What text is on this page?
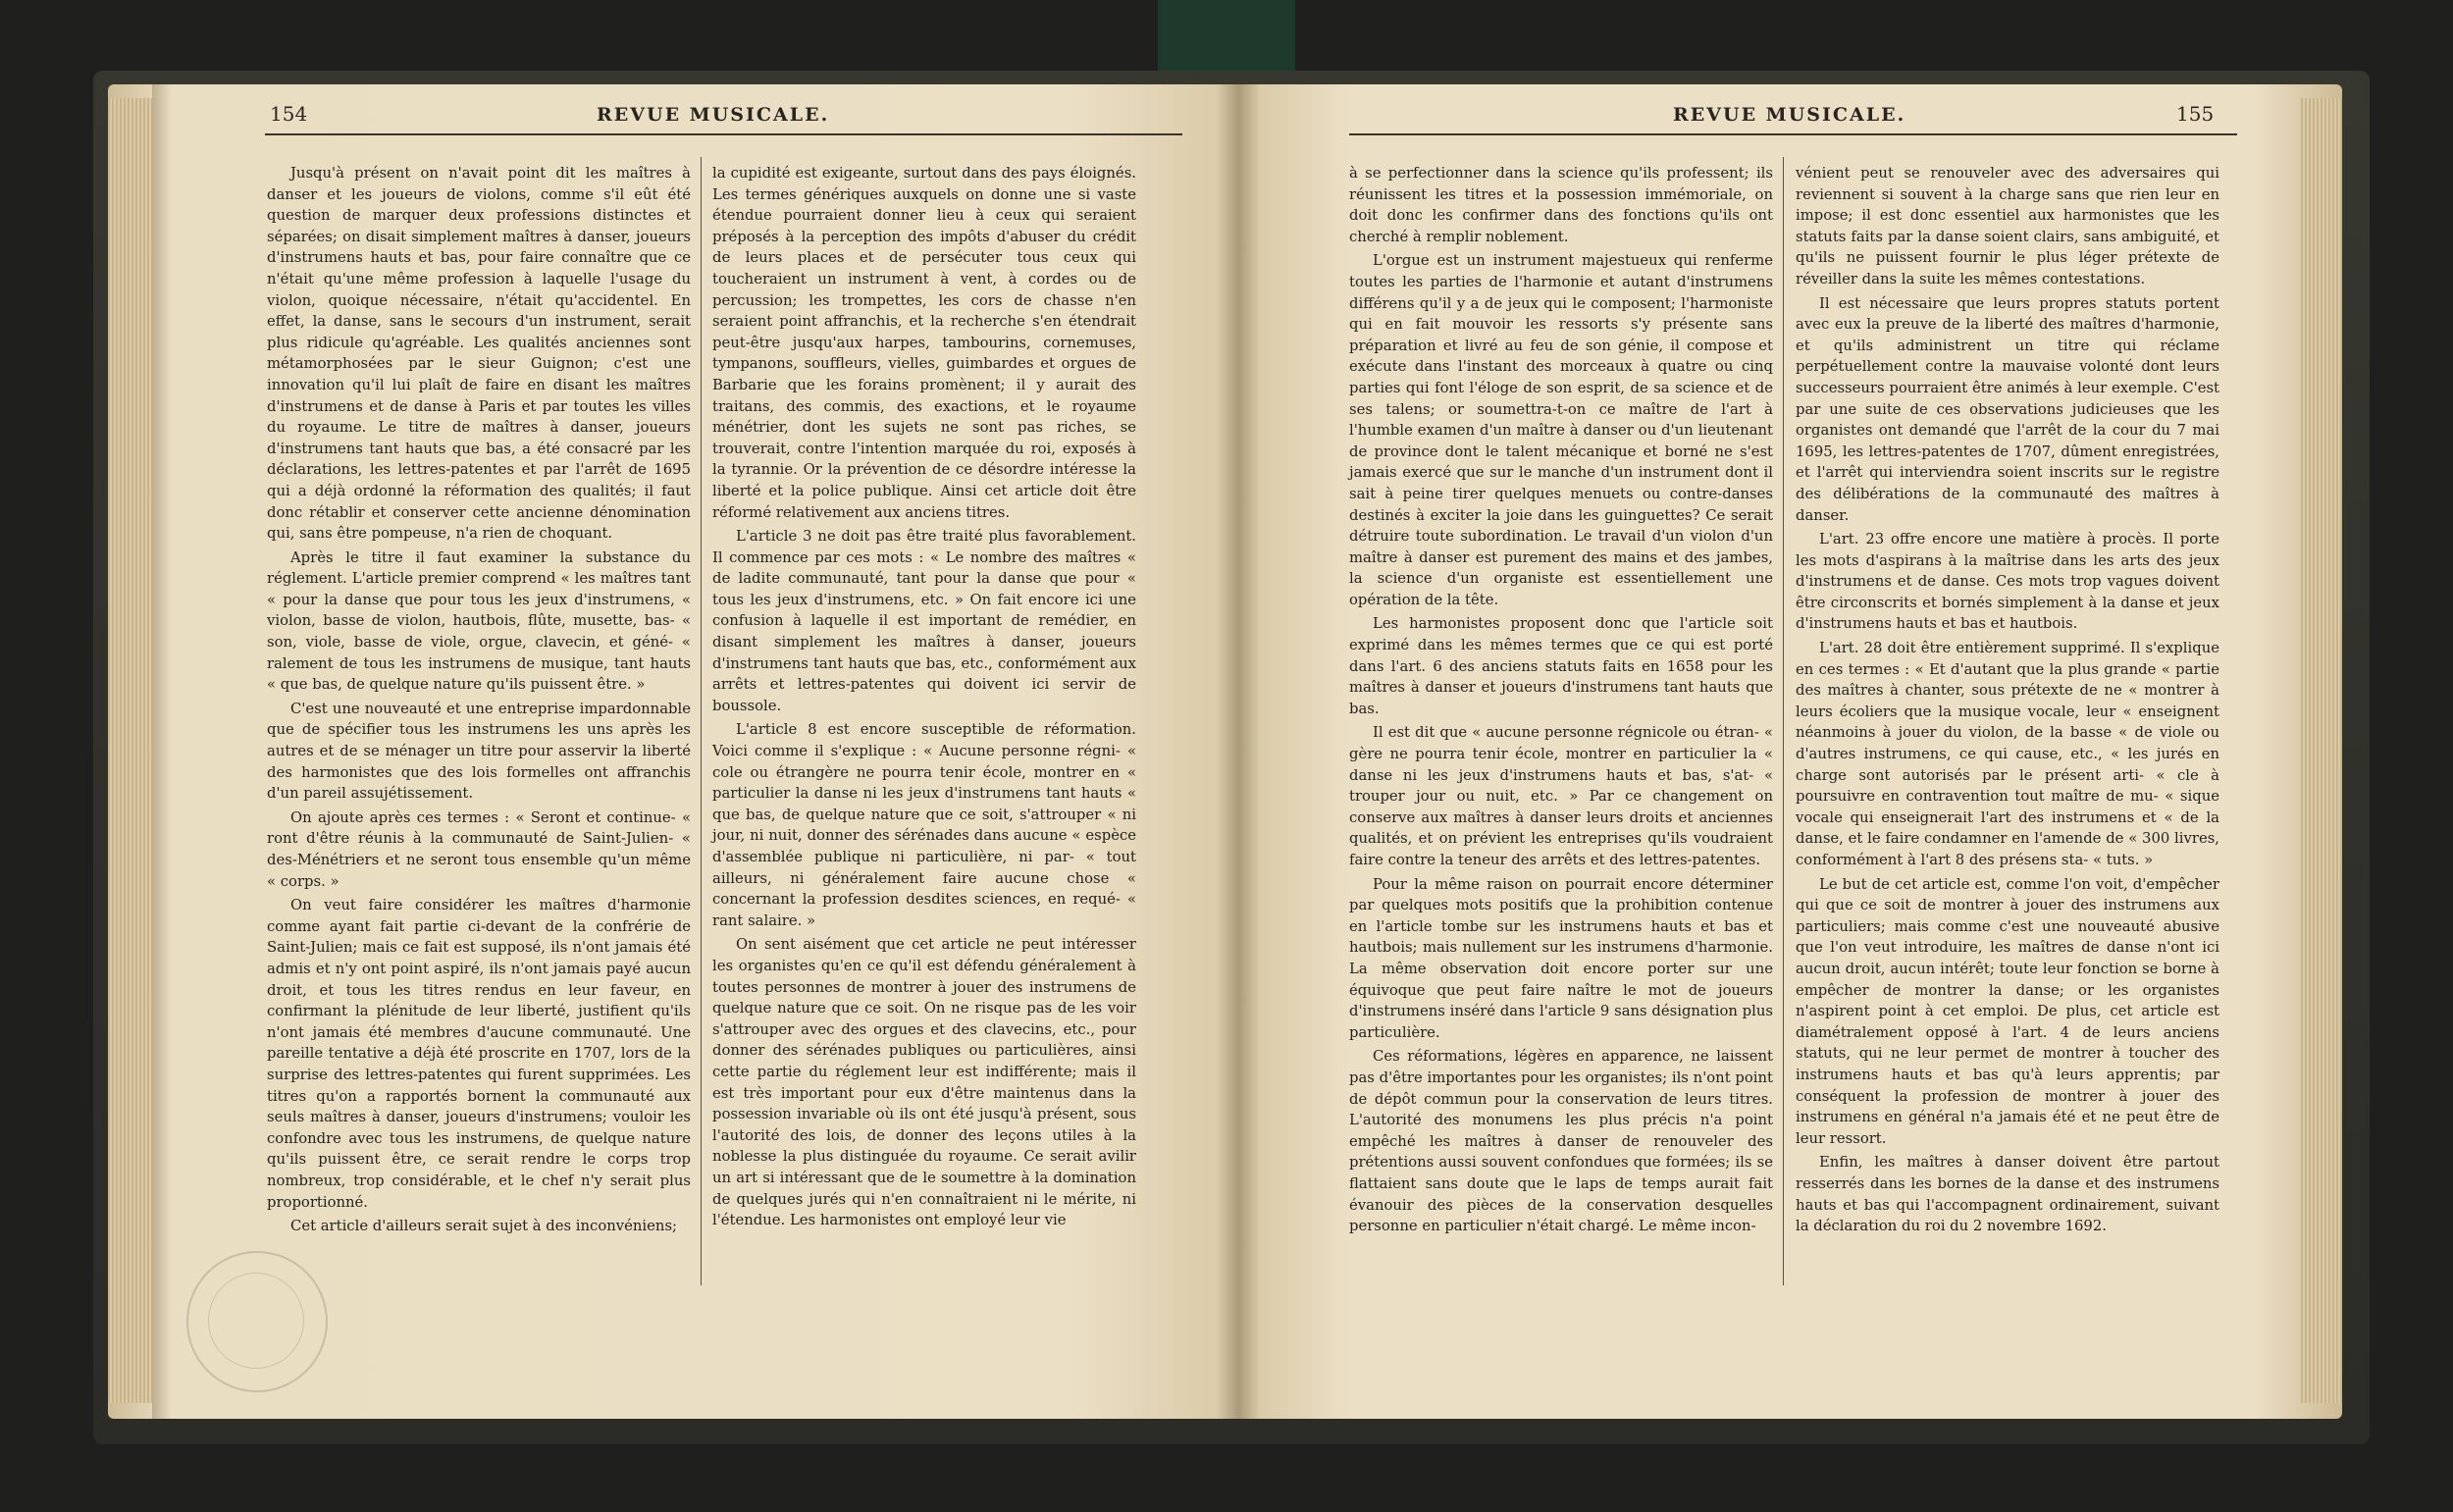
154	REVUE MUSICALE.	REVUE MUSICALE.	155

Jusqu'à présent on n'avait point dit les maîtres à danser et les joueurs de violons, comme s'il eût été question de marquer deux professions distinctes et séparées; on disait simplement maîtres à danser, joueurs d'instrumens hauts et bas, pour faire connaître que ce n'était qu'une même profession à laquelle l'usage du violon, quoique nécessaire, n'était qu'accidentel. En effet, la danse, sans le secours d'un instrument, serait plus ridicule qu'agréable. Les qualités anciennes sont métamorphosées par le sieur Guignon; c'est une innovation qu'il lui plaît de faire en disant les maîtres d'instrumens et de danse à Paris et par toutes les villes du royaume. Le titre de maîtres à danser, joueurs d'instrumens tant hauts que bas, a été consacré par les déclarations, les lettres-patentes et par l'arrêt de 1695 qui a déjà ordonné la réformation des qualités; il faut donc rétablir et conserver cette ancienne dénomination qui, sans être pompeuse, n'a rien de choquant.

Après le titre il faut examiner la substance du réglement. L'article premier comprend « les maîtres tant « pour la danse que pour tous les jeux d'instrumens, « violon, basse de violon, hautbois, flûte, musette, bas- « son, viole, basse de viole, orgue, clavecin, et géné- « ralement de tous les instrumens de musique, tant hauts « que bas, de quelque nature qu'ils puissent être. »

C'est une nouveauté et une entreprise impardonnable que de spécifier tous les instrumens les uns après les autres et de se ménager un titre pour asservir la liberté des harmonistes que des lois formelles ont affranchis d'un pareil assujétissement.

On ajoute après ces termes : « Seront et continue- « ront d'être réunis à la communauté de Saint-Julien- « des-Ménétriers et ne seront tous ensemble qu'un même « corps. »

On veut faire considérer les maîtres d'harmonie comme ayant fait partie ci-devant de la confrérie de Saint-Julien; mais ce fait est supposé, ils n'ont jamais été admis et n'y ont point aspiré, ils n'ont jamais payé aucun droit, et tous les titres rendus en leur faveur, en confirmant la plénitude de leur liberté, justifient qu'ils n'ont jamais été membres d'aucune communauté. Une pareille tentative a déjà été proscrite en 1707, lors de la surprise des lettres-patentes qui furent supprimées. Les titres qu'on a rapportés bornent la communauté aux seuls maîtres à danser, joueurs d'instrumens; vouloir les confondre avec tous les instrumens, de quelque nature qu'ils puissent être, ce serait rendre le corps trop nombreux, trop considérable, et le chef n'y serait plus proportionné.

Cet article d'ailleurs serait sujet à des inconvéniens;

la cupidité est exigeante, surtout dans des pays éloignés. Les termes génériques auxquels on donne une si vaste étendue pourraient donner lieu à ceux qui seraient préposés à la perception des impôts d'abuser du crédit de leurs places et de persécuter tous ceux qui toucheraient un instrument à vent, à cordes ou de percussion; les trompettes, les cors de chasse n'en seraient point affranchis, et la recherche s'en étendrait peut-être jusqu'aux harpes, tambourins, cornemuses, tympanons, souffleurs, vielles, guimbardes et orgues de Barbarie que les forains promènent; il y aurait des traitans, des commis, des exactions, et le royaume ménétrier, dont les sujets ne sont pas riches, se trouverait, contre l'intention marquée du roi, exposés à la tyrannie. Or la prévention de ce désordre intéresse la liberté et la police publique. Ainsi cet article doit être réformé relativement aux anciens titres.

L'article 3 ne doit pas être traité plus favorablement. Il commence par ces mots : « Le nombre des maîtres « de ladite communauté, tant pour la danse que pour « tous les jeux d'instrumens, etc. » On fait encore ici une confusion à laquelle il est important de remédier, en disant simplement les maîtres à danser, joueurs d'instrumens tant hauts que bas, etc., conformément aux arrêts et lettres-patentes qui doivent ici servir de boussole.

L'article 8 est encore susceptible de réformation. Voici comme il s'explique : « Aucune personne régni- « cole ou étrangère ne pourra tenir école, montrer en « particulier la danse ni les jeux d'instrumens tant hauts « que bas, de quelque nature que ce soit, s'attrouper « ni jour, ni nuit, donner des sérénades dans aucune « espèce d'assemblée publique ni particulière, ni par- « tout ailleurs, ni généralement faire aucune chose « concernant la profession desdites sciences, en requé- « rant salaire. »

On sent aisément que cet article ne peut intéresser les organistes qu'en ce qu'il est défendu généralement à toutes personnes de montrer à jouer des instrumens de quelque nature que ce soit. On ne risque pas de les voir s'attrouper avec des orgues et des clavecins, etc., pour donner des sérénades publiques ou particulières, ainsi cette partie du réglement leur est indifférente; mais il est très important pour eux d'être maintenus dans la possession invariable où ils ont été jusqu'à présent, sous l'autorité des lois, de donner des leçons utiles à la noblesse la plus distinguée du royaume. Ce serait avilir un art si intéressant que de le soumettre à la domination de quelques jurés qui n'en connaîtraient ni le mérite, ni l'étendue. Les harmonistes ont employé leur vie

à se perfectionner dans la science qu'ils professent; ils réunissent les titres et la possession immémoriale, on doit donc les confirmer dans des fonctions qu'ils ont cherché à remplir noblement.

L'orgue est un instrument majestueux qui renferme toutes les parties de l'harmonie et autant d'instrumens différens qu'il y a de jeux qui le composent; l'harmoniste qui en fait mouvoir les ressorts s'y présente sans préparation et livré au feu de son génie, il compose et exécute dans l'instant des morceaux à quatre ou cinq parties qui font l'éloge de son esprit, de sa science et de ses talens; or soumettra-t-on ce maître de l'art à l'humble examen d'un maître à danser ou d'un lieutenant de province dont le talent mécanique et borné ne s'est jamais exercé que sur le manche d'un instrument dont il sait à peine tirer quelques menuets ou contre-danses destinés à exciter la joie dans les guinguettes? Ce serait détruire toute subordination. Le travail d'un violon d'un maître à danser est purement des mains et des jambes, la science d'un organiste est essentiellement une opération de la tête.

Les harmonistes proposent donc que l'article soit exprimé dans les mêmes termes que ce qui est porté dans l'art. 6 des anciens statuts faits en 1658 pour les maîtres à danser et joueurs d'instrumens tant hauts que bas.

Il est dit que « aucune personne régnicole ou étran- « gère ne pourra tenir école, montrer en particulier la « danse ni les jeux d'instrumens hauts et bas, s'at- « trouper jour ou nuit, etc. » Par ce changement on conserve aux maîtres à danser leurs droits et anciennes qualités, et on prévient les entreprises qu'ils voudraient faire contre la teneur des arrêts et des lettres-patentes.

Pour la même raison on pourrait encore déterminer par quelques mots positifs que la prohibition contenue en l'article tombe sur les instrumens hauts et bas et hautbois; mais nullement sur les instrumens d'harmonie. La même observation doit encore porter sur une équivoque que peut faire naître le mot de joueurs d'instrumens inséré dans l'article 9 sans désignation plus particulière.

Ces réformations, légères en apparence, ne laissent pas d'être importantes pour les organistes; ils n'ont point de dépôt commun pour la conservation de leurs titres. L'autorité des monumens les plus précis n'a point empêché les maîtres à danser de renouveler des prétentions aussi souvent confondues que formées; ils se flattaient sans doute que le laps de temps aurait fait évanouir des pièces de la conservation desquelles personne en particulier n'était chargé. Le même incon-

vénient peut se renouveler avec des adversaires qui reviennent si souvent à la charge sans que rien leur en impose; il est donc essentiel aux harmonistes que les statuts faits par la danse soient clairs, sans ambiguité, et qu'ils ne puissent fournir le plus léger prétexte de réveiller dans la suite les mêmes contestations.

Il est nécessaire que leurs propres statuts portent avec eux la preuve de la liberté des maîtres d'harmonie, et qu'ils administrent un titre qui réclame perpétuellement contre la mauvaise volonté dont leurs successeurs pourraient être animés à leur exemple. C'est par une suite de ces observations judicieuses que les organistes ont demandé que l'arrêt de la cour du 7 mai 1695, les lettres-patentes de 1707, dûment enregistrées, et l'arrêt qui interviendra soient inscrits sur le registre des délibérations de la communauté des maîtres à danser.

L'art. 23 offre encore une matière à procès. Il porte les mots d'aspirans à la maîtrise dans les arts des jeux d'instrumens et de danse. Ces mots trop vagues doivent être circonscrits et bornés simplement à la danse et jeux d'instrumens hauts et bas et hautbois.

L'art. 28 doit être entièrement supprimé. Il s'explique en ces termes : « Et d'autant que la plus grande « partie des maîtres à chanter, sous prétexte de ne « montrer à leurs écoliers que la musique vocale, leur « enseignent néanmoins à jouer du violon, de la basse « de viole ou d'autres instrumens, ce qui cause, etc., « les jurés en charge sont autorisés par le présent arti- « cle à poursuivre en contravention tout maître de mu- « sique vocale qui enseignerait l'art des instrumens et « de la danse, et le faire condamner en l'amende de « 300 livres, conformément à l'art 8 des présens sta- « tuts. »

Le but de cet article est, comme l'on voit, d'empêcher qui que ce soit de montrer à jouer des instrumens aux particuliers; mais comme c'est une nouveauté abusive que l'on veut introduire, les maîtres de danse n'ont ici aucun droit, aucun intérêt; toute leur fonction se borne à empêcher de montrer la danse; or les organistes n'aspirent point à cet emploi. De plus, cet article est diamétralement opposé à l'art. 4 de leurs anciens statuts, qui ne leur permet de montrer à toucher des instrumens hauts et bas qu'à leurs apprentis; par conséquent la profession de montrer à jouer des instrumens en général n'a jamais été et ne peut être de leur ressort.

Enfin, les maîtres à danser doivent être partout resserrés dans les bornes de la danse et des instrumens hauts et bas qui l'accompagnent ordinairement, suivant la déclaration du roi du 2 novembre 1692.
